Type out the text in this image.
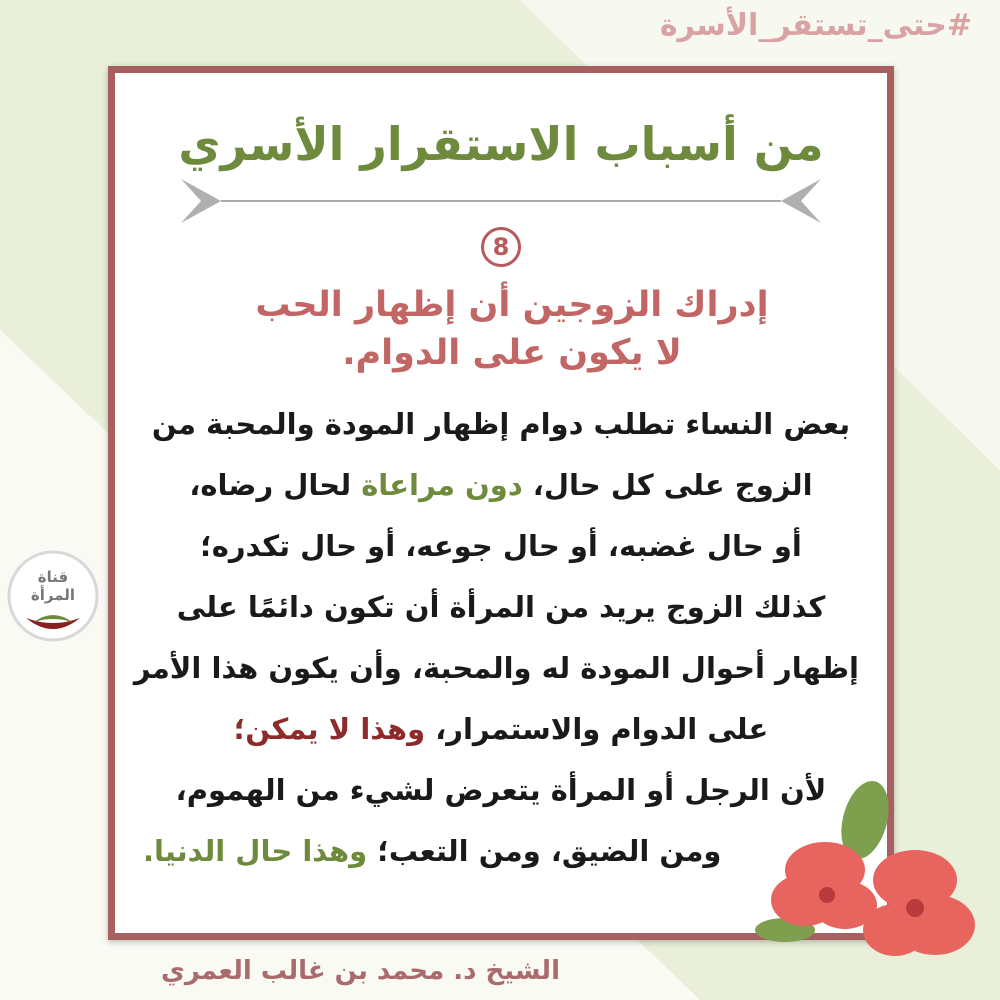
#حتى_تستقر_الأسرة
من أسباب الاستقرار الأسري
8
إدراك الزوجين أن إظهار الحب
لا يكون على الدوام.
بعض النساء تطلب دوام إظهار المودة والمحبة من
الزوج على كل حال، دون مراعاة لحال رضاه،
أو حال غضبه، أو حال جوعه، أو حال تكدره؛
كذلك الزوج يريد من المرأة أن تكون دائمًا على
إظهار أحوال المودة له والمحبة، وأن يكون هذا الأمر
على الدوام والاستمرار، وهذا لا يمكن؛
لأن الرجل أو المرأة يتعرض لشيء من الهموم،
ومن الضيق، ومن التعب؛ وهذا حال الدنيا.
قناة المرأة
الشيخ د. محمد بن غالب العمري
